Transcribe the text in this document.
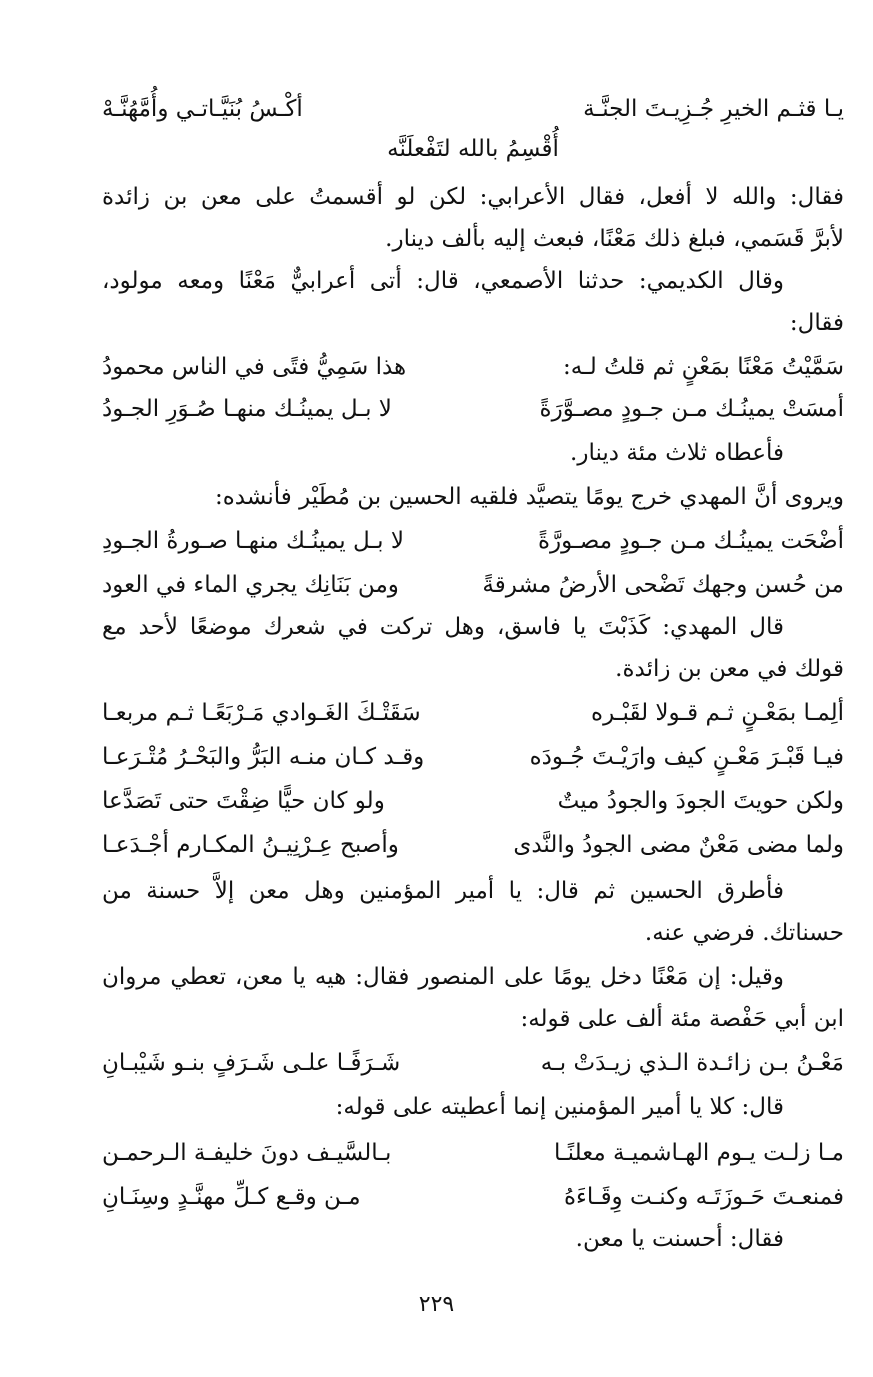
يـا قثـم الخيرِ جُـزِيـتَ الجنَّـة
أكْـسُ بُنَيَّـاتـي وأُمَّهُنَّـهْ
أُقْسِمُ بالله لتَفْعلَنَّه
فقال: والله لا أفعل، فقال الأعرابي: لكن لو أقسمتُ على معن بن زائدة
لأبرَّ قَسَمي، فبلغ ذلك مَعْنًا، فبعث إليه بألف دينار.
وقال الكديمي: حدثنا الأصمعي، قال: أتى أعرابيٌّ مَعْنًا ومعه مولود،
فقال:
سَمَّيْتُ مَعْنًا بمَعْنٍ ثم قلتُ لـه:
هذا سَمِيُّ فتًى في الناس محمودُ
أمسَتْ يمينُـك مـن جـودٍ مصـوَّرَةً
لا بـل يمينُـك منهـا صُـوَرِ الجـودُ
فأعطاه ثلاث مئة دينار.
ويروى أنَّ المهدي خرج يومًا يتصيَّد فلقيه الحسين بن مُطَيْر فأنشده:
أضْحَت يمينُـك مـن جـودٍ مصـورَّةً
لا بـل يمينُـك منهـا صـورةُ الجـودِ
من حُسن وجهك تَضْحى الأرضُ مشرقةً
ومن بَنَانِك يجري الماء في العود
قال المهدي: كَذَبْتَ يا فاسق، وهل تركت في شعرك موضعًا لأحد مع
قولك في معن بن زائدة.
ألِمـا بمَعْـنٍ ثـم قـولا لقَبْـره
سَقَتْـكَ الغَـوادي مَـرْبَعًـا ثـم مربعـا
فيـا قَبْـرَ مَعْـنٍ كيف وارَيْـتَ جُـودَه
وقـد كـان منـه البَرُّ والبَحْـرُ مُتْـرَعـا
ولكن حويتَ الجودَ والجودُ ميتٌ
ولو كان حيًّا ضِقْتَ حتى تَصَدَّعا
ولما مضى مَعْنٌ مضى الجودُ والنَّدى
وأصبح عِـرْنِيـنُ المكـارم أجْـدَعـا
فأطرق الحسين ثم قال: يا أمير المؤمنين وهل معن إلاَّ حسنة من
حسناتك. فرضي عنه.
وقيل: إن مَعْنًا دخل يومًا على المنصور فقال: هيه يا معن، تعطي مروان
ابن أبي حَفْصة مئة ألف على قوله:
مَعْـنُ بـن زائـدة الـذي زيـدَتْ بـه
شَـرَفًـا علـى شَـرَفٍ بنـو شَيْبـانِ
قال: كلا يا أمير المؤمنين إنما أعطيته على قوله:
مـا زلـت يـوم الهـاشميـة معلنًـا
بـالسَّيـف دونَ خليفـة الـرحمـن
فمنعـتَ حَـوزَتَـه وكنـت وِقَـاءَهُ
مـن وقـع كـلِّ مهنَّـدٍ وسِنَـانِ
فقال: أحسنت يا معن.
٢٢٩
